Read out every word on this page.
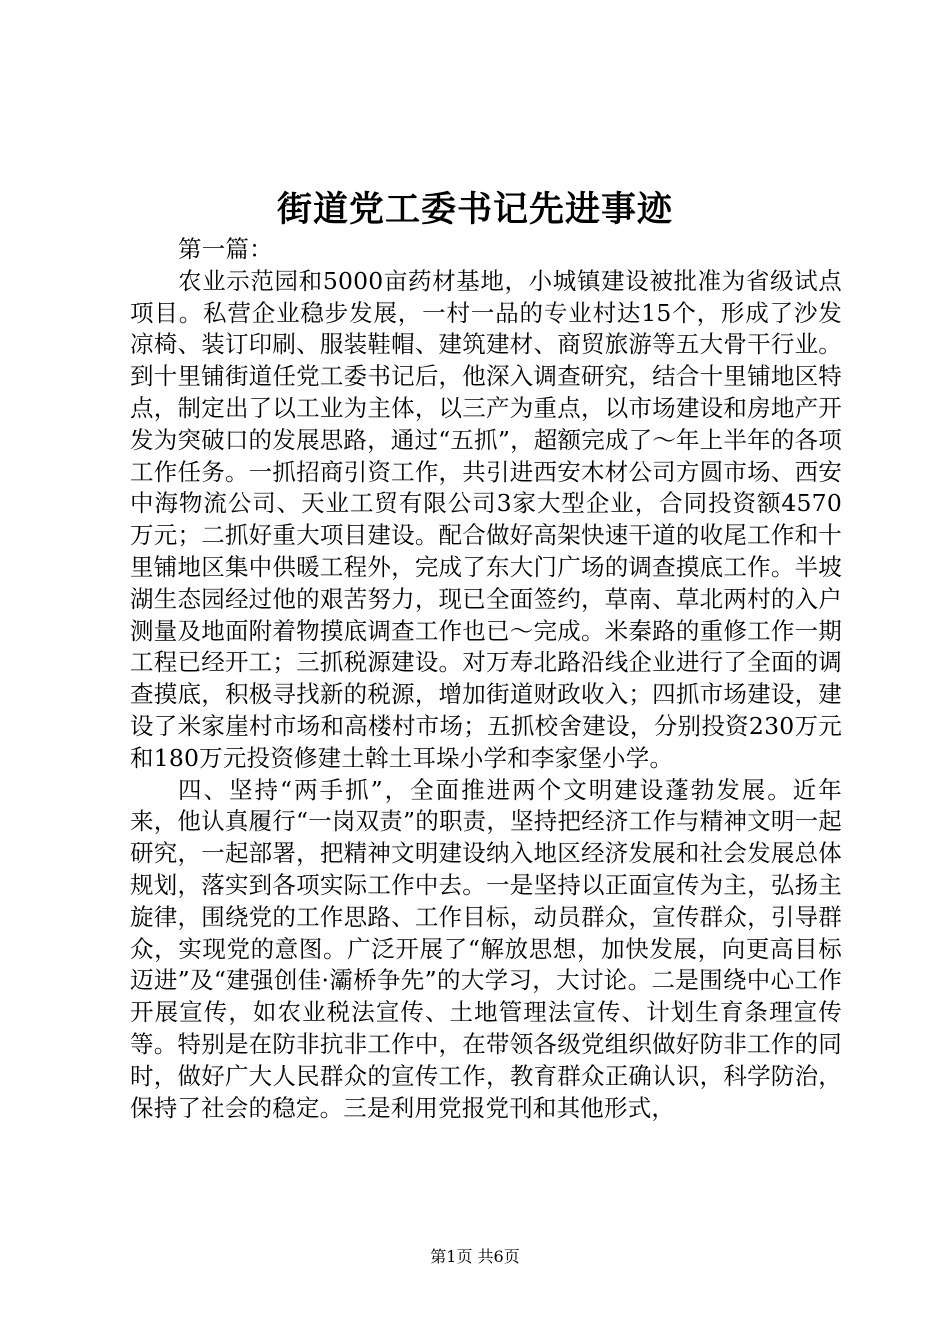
街道党工委书记先进事迹

第一篇：

农业示范园和5000亩药材基地，小城镇建设被批准为省级试点项目。私营企业稳步发展，一村一品的专业村达15个，形成了沙发凉椅、装订印刷、服装鞋帽、建筑建材、商贸旅游等五大骨干行业。到十里铺街道任党工委书记后，他深入调查研究，结合十里铺地区特点，制定出了以工业为主体，以三产为重点，以市场建设和房地产开发为突破口的发展思路，通过“五抓”，超额完成了～年上半年的各项工作任务。一抓招商引资工作，共引进西安木材公司方圆市场、西安中海物流公司、天业工贸有限公司3家大型企业，合同投资额4570万元；二抓好重大项目建设。配合做好高架快速干道的收尾工作和十里铺地区集中供暖工程外，完成了东大门广场的调查摸底工作。半坡湖生态园经过他的艰苦努力，现已全面签约，草南、草北两村的入户测量及地面附着物摸底调查工作也已～完成。米秦路的重修工作一期工程已经开工；三抓税源建设。对万寿北路沿线企业进行了全面的调查摸底，积极寻找新的税源，增加街道财政收入；四抓市场建设，建设了米家崖村市场和高楼村市场；五抓校舍建设，分别投资230万元和180万元投资修建土斡土耳垛小学和李家堡小学。

四、坚持“两手抓”，全面推进两个文明建设蓬勃发展。近年来，他认真履行“一岗双责”的职责，坚持把经济工作与精神文明一起研究，一起部署，把精神文明建设纳入地区经济发展和社会发展总体规划，落实到各项实际工作中去。一是坚持以正面宣传为主，弘扬主旋律，围绕党的工作思路、工作目标，动员群众，宣传群众，引导群众，实现党的意图。广泛开展了“解放思想，加快发展，向更高目标迈进”及“建强创佳·灞桥争先”的大学习，大讨论。二是围绕中心工作开展宣传，如农业税法宣传、土地管理法宣传、计划生育条理宣传等。特别是在防非抗非工作中，在带领各级党组织做好防非工作的同时，做好广大人民群众的宣传工作，教育群众正确认识，科学防治，保持了社会的稳定。三是利用党报党刊和其他形式，

第1页 共6页
